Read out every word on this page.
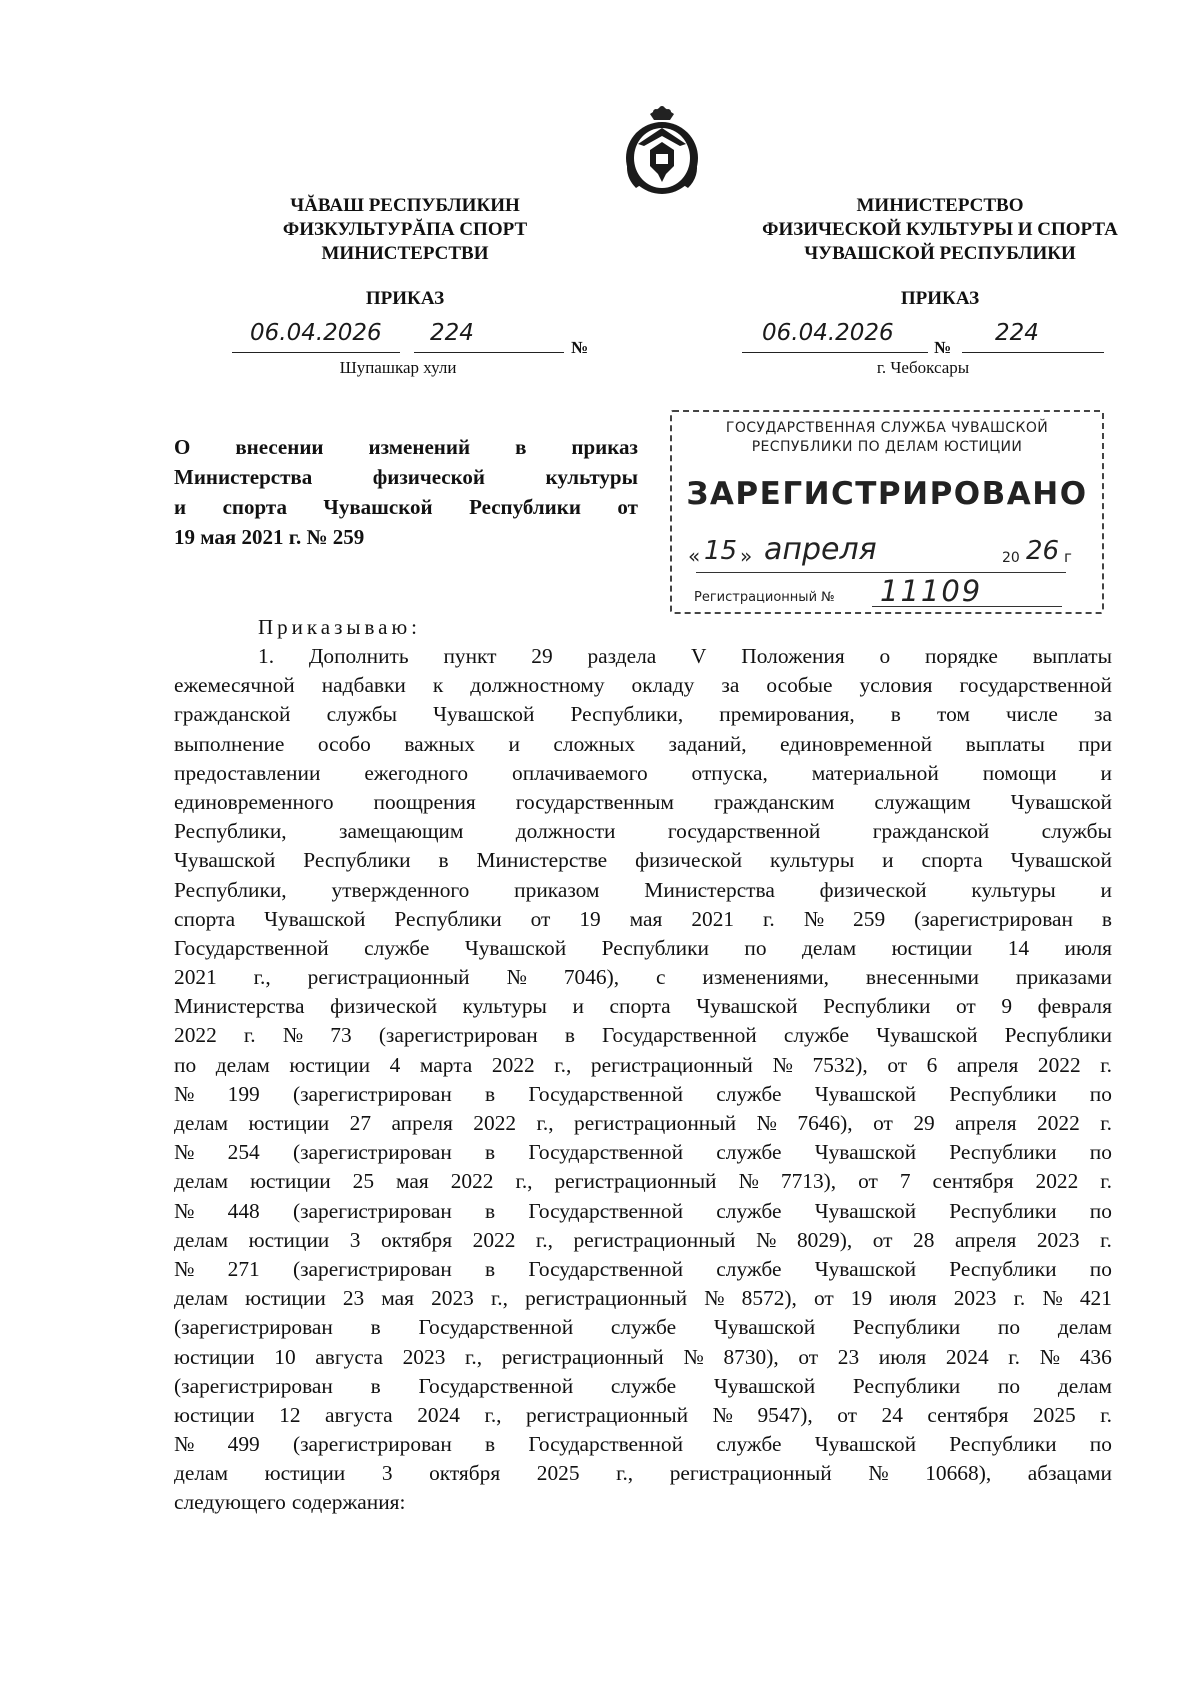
ЧĂВАШ РЕСПУБЛИКИН
ФИЗКУЛЬТУРĂПА СПОРТ
МИНИСТЕРСТВИ
МИНИСТЕРСТВО
ФИЗИЧЕСКОЙ КУЛЬТУРЫ И СПОРТА
ЧУВАШСКОЙ РЕСПУБЛИКИ
ПРИКАЗ	ПРИКАЗ
06.04.2026 224
№
Шупашкар хули
06.04.2026
№
224
г. Чебоксары
О внесении изменений в приказ
Министерства	физической	культуры
и спорта Чувашской Республики от
19 мая 2021 г. № 259
ГОСУДАРСТВЕННАЯ СЛУЖБА ЧУВАШСКОЙ
РЕСПУБЛИКИ ПО ДЕЛАМ ЮСТИЦИИ
ЗАРЕГИСТРИРОВАНО
« 15 » апреля	20 26 г
Регистрационный № 11109
Приказываю:
1. Дополнить пункт 29 раздела V Положения о порядке выплаты
ежемесячной надбавки к должностному окладу за особые условия государственной
гражданской службы Чувашской Республики, премирования, в том числе за
выполнение особо важных и сложных заданий, единовременной выплаты при
предоставлении ежегодного оплачиваемого отпуска, материальной помощи и
единовременного поощрения государственным гражданским служащим Чувашской
Республики, замещающим должности государственной гражданской службы
Чувашской Республики в Министерстве физической культуры и спорта Чувашской
Республики, утвержденного приказом Министерства физической культуры и
спорта Чувашской Республики от 19 мая 2021 г. № 259 (зарегистрирован в
Государственной службе Чувашской Республики по делам юстиции 14 июля
2021 г., регистрационный № 7046), с изменениями, внесенными приказами
Министерства физической культуры и спорта Чувашской Республики от 9 февраля
2022 г. № 73 (зарегистрирован в Государственной службе Чувашской Республики
по делам юстиции 4 марта 2022 г., регистрационный № 7532), от 6 апреля 2022 г.
№ 199 (зарегистрирован в Государственной службе Чувашской Республики по
делам юстиции 27 апреля 2022 г., регистрационный № 7646), от 29 апреля 2022 г.
№ 254 (зарегистрирован в Государственной службе Чувашской Республики по
делам юстиции 25 мая 2022 г., регистрационный № 7713), от 7 сентября 2022 г.
№ 448 (зарегистрирован в Государственной службе Чувашской Республики по
делам юстиции 3 октября 2022 г., регистрационный № 8029), от 28 апреля 2023 г.
№ 271 (зарегистрирован в Государственной службе Чувашской Республики по
делам юстиции 23 мая 2023 г., регистрационный № 8572), от 19 июля 2023 г. № 421
(зарегистрирован в Государственной службе Чувашской Республики по делам
юстиции 10 августа 2023 г., регистрационный № 8730), от 23 июля 2024 г. № 436
(зарегистрирован в Государственной службе Чувашской Республики по делам
юстиции 12 августа 2024 г., регистрационный № 9547), от 24 сентября 2025 г.
№ 499 (зарегистрирован в Государственной службе Чувашской Республики по
делам юстиции 3 октября 2025 г., регистрационный № 10668), абзацами
следующего содержания:
